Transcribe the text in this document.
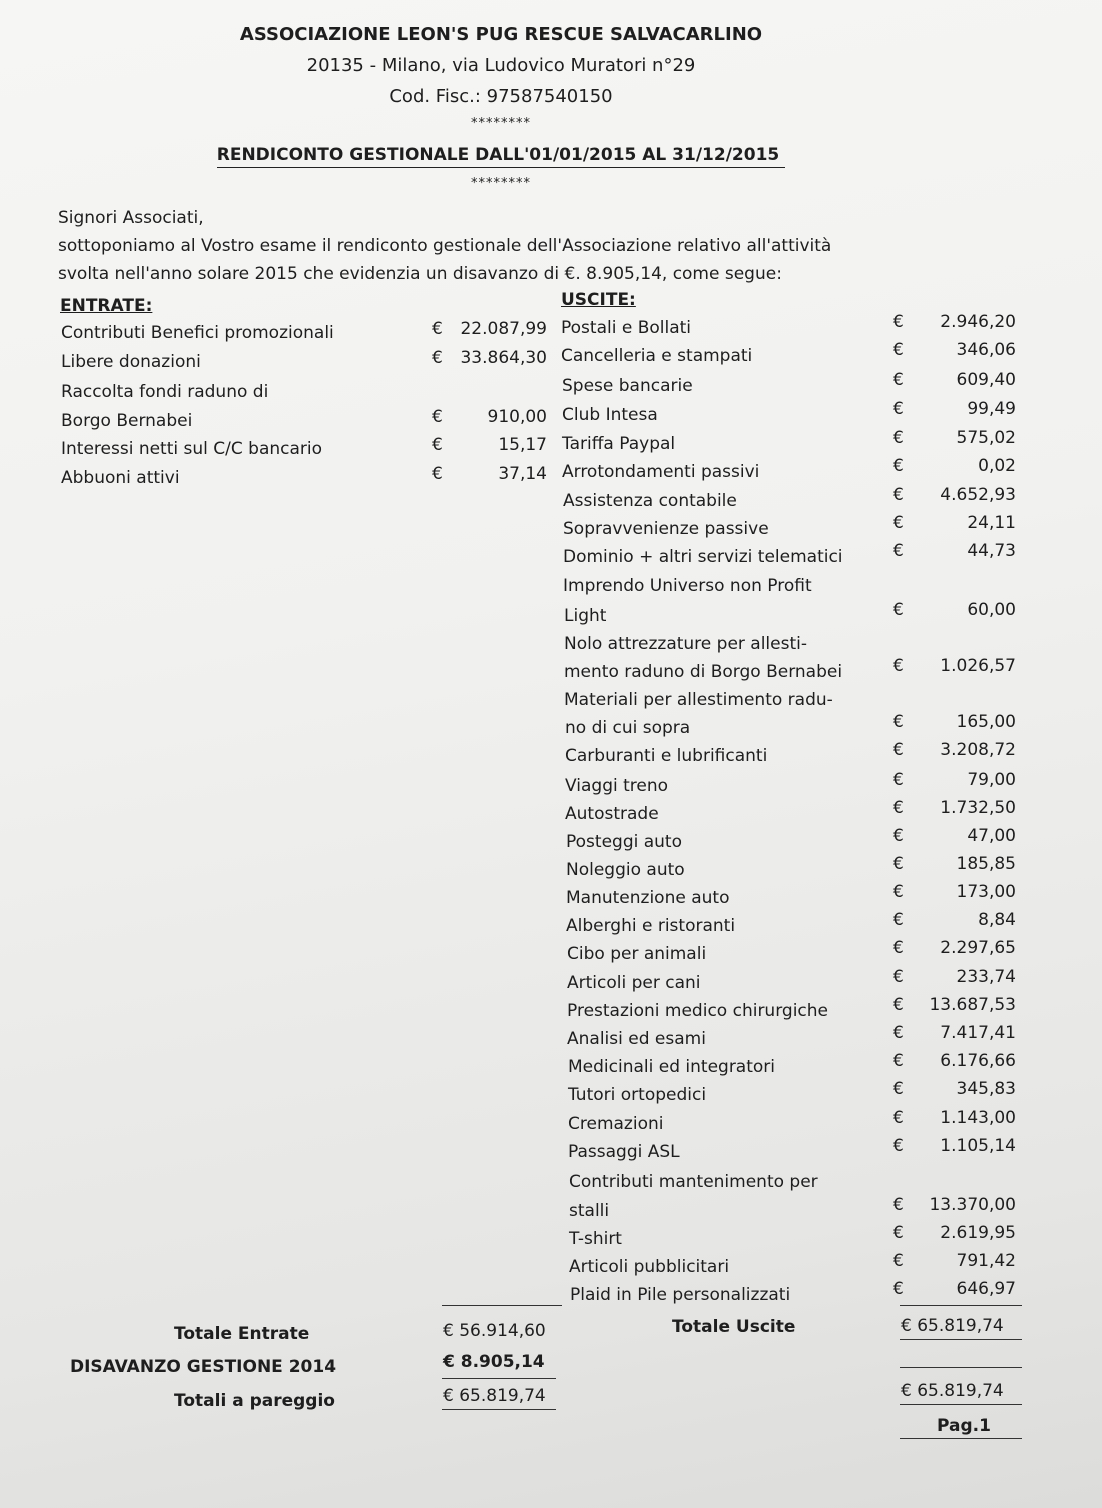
ASSOCIAZIONE LEON'S PUG RESCUE SALVACARLINO
20135 - Milano, via Ludovico Muratori n°29
Cod. Fisc.: 97587540150
********
RENDICONTO GESTIONALE DALL'01/01/2015 AL 31/12/2015
********
Signori Associati,
sottoponiamo al Vostro esame il rendiconto gestionale dell'Associazione relativo all'attività
svolta nell'anno solare 2015 che evidenzia un disavanzo di €. 8.905,14, come segue:
ENTRATE:	USCITE:
Contributi Benefici promozionali	€ 22.087,99
Libere donazioni	€ 33.864,30
Raccolta fondi raduno di
Borgo Bernabei	€	910,00
Interessi netti sul C/C bancario	€	15,17
Abbuoni attivi	€	37,14
Postali e Bollati	€ 2.946,20
Cancelleria e stampati	€	346,06
Spese bancarie	€	609,40
Club Intesa	€	99,49
Tariffa Paypal	€	575,02
Arrotondamenti passivi	€	0,02
Assistenza contabile	€ 4.652,93
Sopravvenienze passive	€	24,11
Dominio + altri servizi telematici	€	44,73
Imprendo Universo non Profit
Light	€	60,00
Nolo attrezzature per allesti-
mento raduno di Borgo Bernabei	€ 1.026,57
Materiali per allestimento radu-
no di cui sopra	€	165,00
Carburanti e lubrificanti	€ 3.208,72
Viaggi treno	€	79,00
Autostrade	€ 1.732,50
Posteggi auto	€	47,00
Noleggio auto	€	185,85
Manutenzione auto	€	173,00
Alberghi e ristoranti	€	8,84
Cibo per animali	€ 2.297,65
Articoli per cani	€	233,74
Prestazioni medico chirurgiche	€ 13.687,53
Analisi ed esami	€ 7.417,41
Medicinali ed integratori	€ 6.176,66
Tutori ortopedici	€	345,83
Cremazioni	€ 1.143,00
Passaggi ASL	€ 1.105,14
Contributi mantenimento per
stalli	€ 13.370,00
T-shirt	€ 2.619,95
Articoli pubblicitari	€	791,42
Plaid in Pile personalizzati	€	646,97
Totale Entrate	€ 56.914,60	Totale Uscite	€ 65.819,74
DISAVANZO GESTIONE 2014	€ 8.905,14
Totali a pareggio	€ 65.819,74	€ 65.819,74
Pag.1
